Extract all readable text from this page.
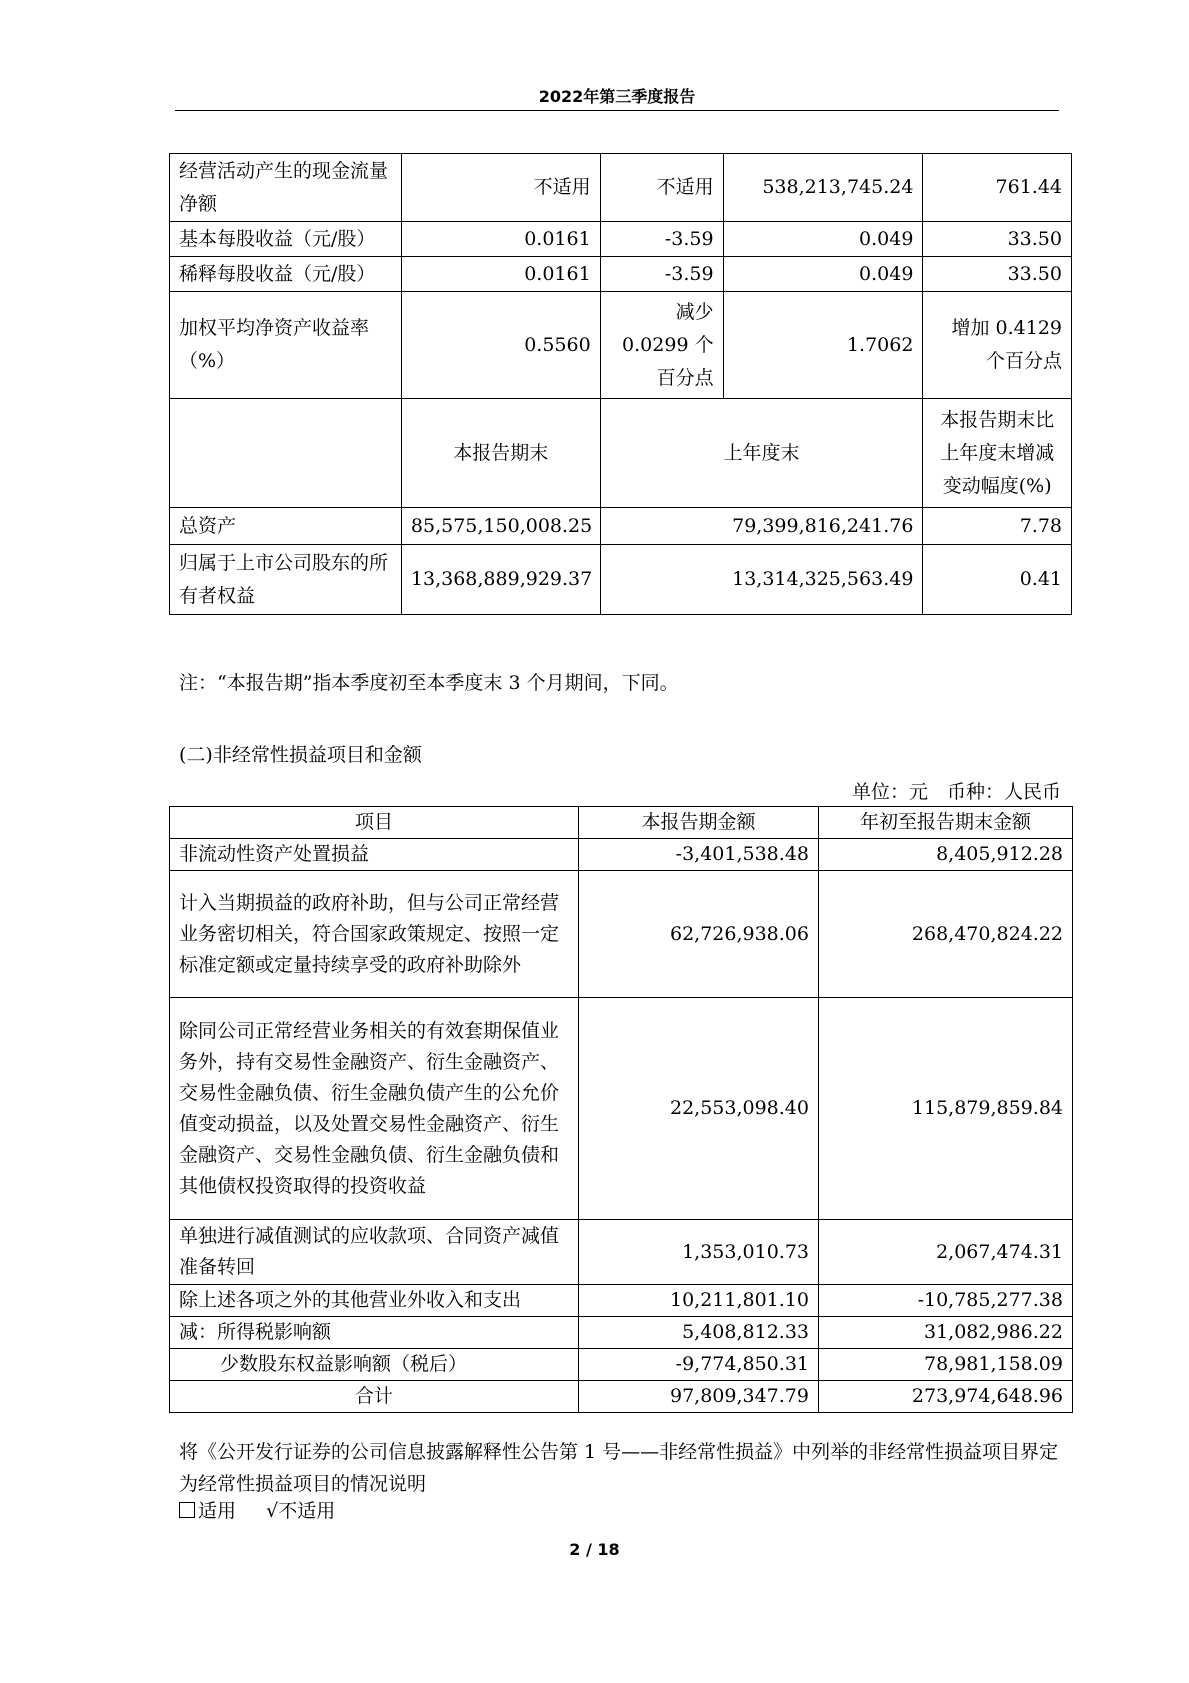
2022年第三季度报告
经营活动产生的现金流量净额	不适用	不适用	538,213,745.24	761.44
基本每股收益（元/股）	0.0161	-3.59	0.049	33.50
稀释每股收益（元/股）	0.0161	-3.59	0.049	33.50
加权平均净资产收益率（%）	0.5560	减少 0.0299 个百分点	1.7062	增加 0.4129 个百分点
	本报告期末	上年度末		本报告期末比上年度末增减变动幅度(%)
总资产	85,575,150,008.25	79,399,816,241.76		7.78
归属于上市公司股东的所有者权益	13,368,889,929.37	13,314,325,563.49		0.41
注：“本报告期”指本季度初至本季度末 3 个月期间，下同。
(二)非经常性损益项目和金额
单位：元　币种：人民币
项目	本报告期金额	年初至报告期末金额
非流动性资产处置损益	-3,401,538.48	8,405,912.28
计入当期损益的政府补助，但与公司正常经营业务密切相关，符合国家政策规定、按照一定标准定额或定量持续享受的政府补助除外	62,726,938.06	268,470,824.22
除同公司正常经营业务相关的有效套期保值业务外，持有交易性金融资产、衍生金融资产、交易性金融负债、衍生金融负债产生的公允价值变动损益，以及处置交易性金融资产、衍生金融资产、交易性金融负债、衍生金融负债和其他债权投资取得的投资收益	22,553,098.40	115,879,859.84
单独进行减值测试的应收款项、合同资产减值准备转回	1,353,010.73	2,067,474.31
除上述各项之外的其他营业外收入和支出	10,211,801.10	-10,785,277.38
减：所得税影响额	5,408,812.33	31,082,986.22
少数股东权益影响额（税后）	-9,774,850.31	78,981,158.09
合计	97,809,347.79	273,974,648.96
将《公开发行证券的公司信息披露解释性公告第 1 号——非经常性损益》中列举的非经常性损益项目界定为经常性损益项目的情况说明
适用 √不适用
2 / 18
